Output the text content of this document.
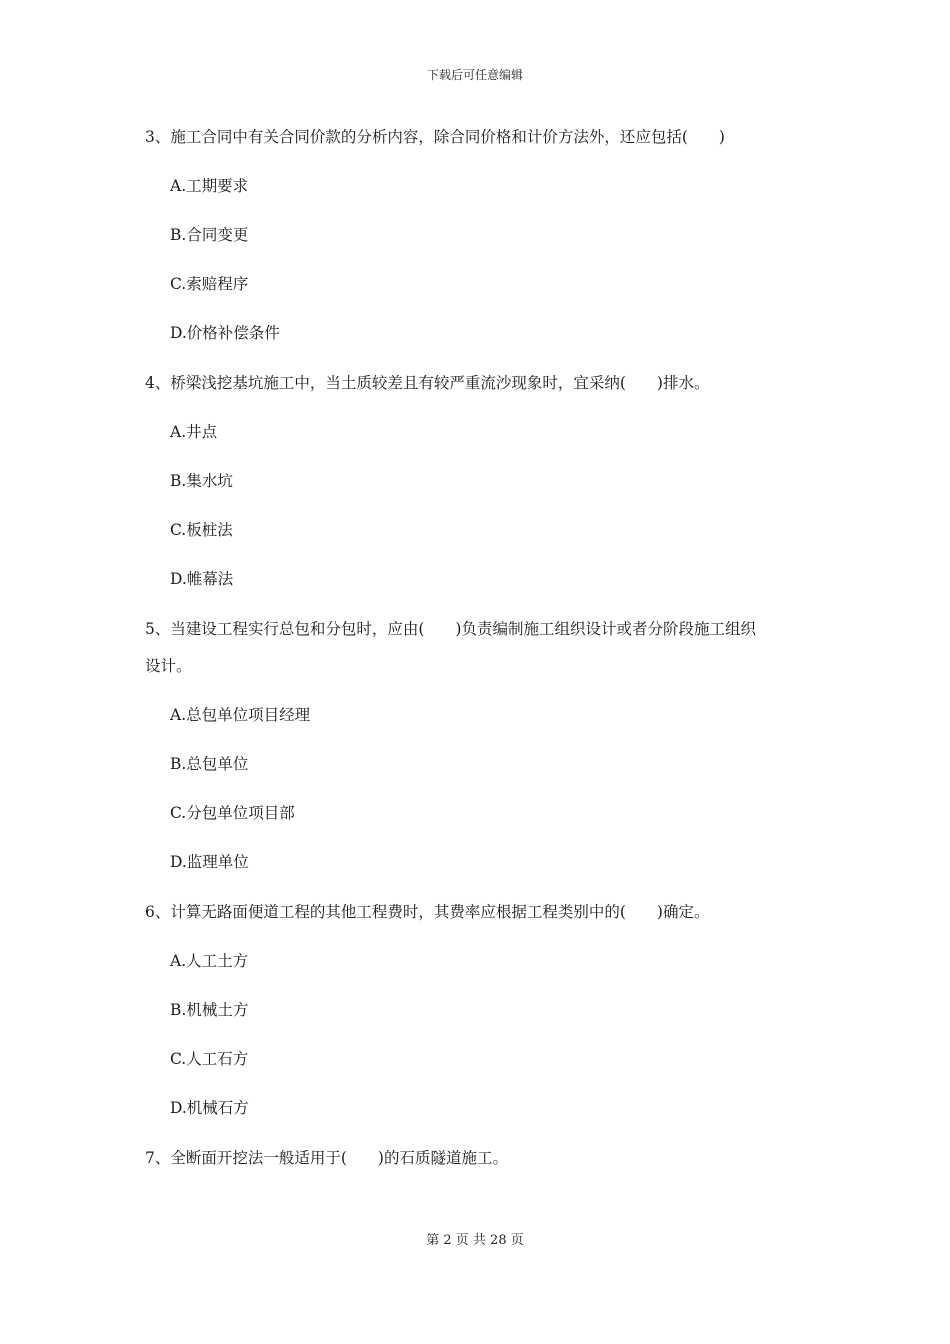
下载后可任意编辑
3、施工合同中有关合同价款的分析内容，除合同价格和计价方法外，还应包括(　　)
A.工期要求
B.合同变更
C.索赔程序
D.价格补偿条件
4、桥梁浅挖基坑施工中，当土质较差且有较严重流沙现象时，宜采纳(　　)排水。
A.井点
B.集水坑
C.板桩法
D.帷幕法
5、当建设工程实行总包和分包时，应由(　　)负责编制施工组织设计或者分阶段施工组织
设计。
A.总包单位项目经理
B.总包单位
C.分包单位项目部
D.监理单位
6、计算无路面便道工程的其他工程费时，其费率应根据工程类别中的(　　)确定。
A.人工土方
B.机械土方
C.人工石方
D.机械石方
7、全断面开挖法一般适用于(　　)的石质隧道施工。
第 2 页 共 28 页
